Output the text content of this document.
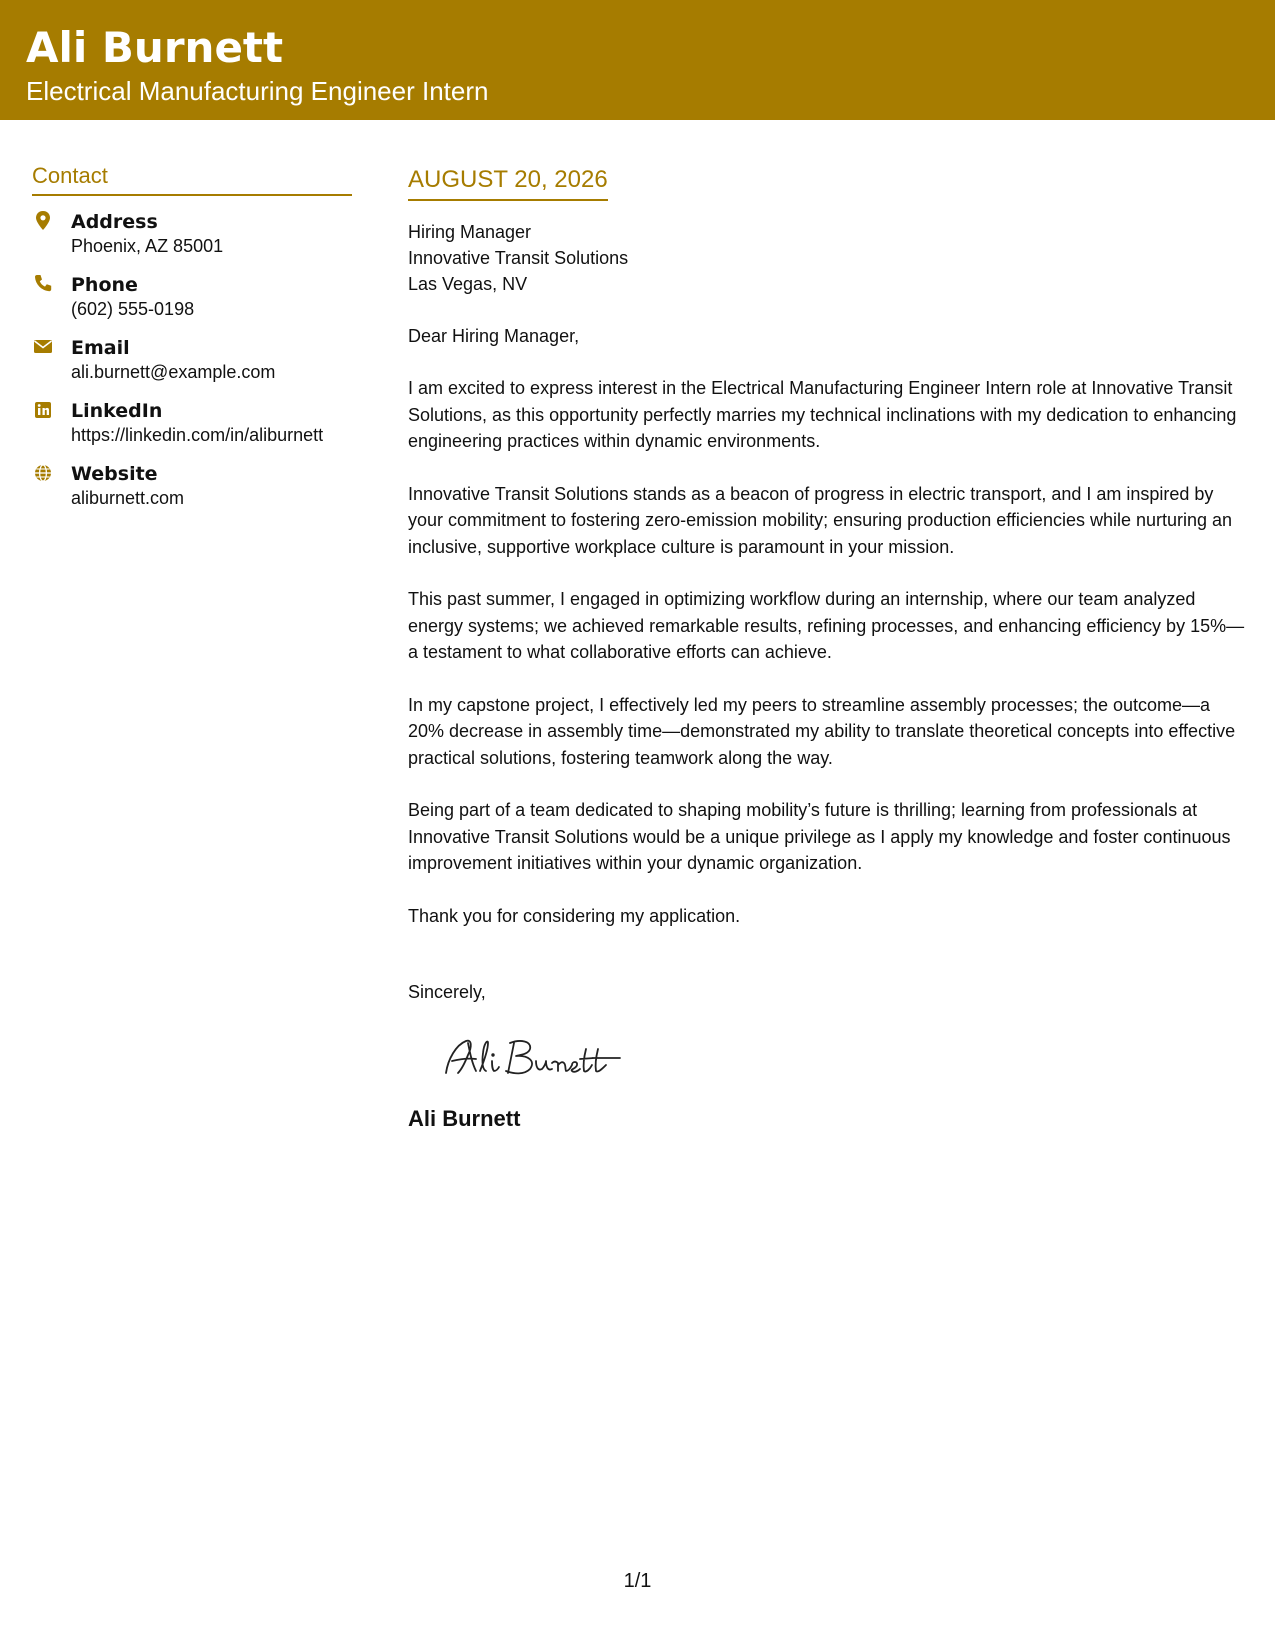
Ali Burnett
Electrical Manufacturing Engineer Intern
Contact
Address
Phoenix, AZ 85001
Phone
(602) 555-0198
Email
ali.burnett@example.com
LinkedIn
https://linkedin.com/in/aliburnett
Website
aliburnett.com
AUGUST 20, 2026
Hiring Manager
Innovative Transit Solutions
Las Vegas, NV
Dear Hiring Manager,
I am excited to express interest in the Electrical Manufacturing Engineer Intern role at Innovative Transit Solutions, as this opportunity perfectly marries my technical inclinations with my dedication to enhancing engineering practices within dynamic environments.
Innovative Transit Solutions stands as a beacon of progress in electric transport, and I am inspired by your commitment to fostering zero-emission mobility; ensuring production efficiencies while nurturing an inclusive, supportive workplace culture is paramount in your mission.
This past summer, I engaged in optimizing workflow during an internship, where our team analyzed energy systems; we achieved remarkable results, refining processes, and enhancing efficiency by 15%—a testament to what collaborative efforts can achieve.
In my capstone project, I effectively led my peers to streamline assembly processes; the outcome—a 20% decrease in assembly time—demonstrated my ability to translate theoretical concepts into effective practical solutions, fostering teamwork along the way.
Being part of a team dedicated to shaping mobility’s future is thrilling; learning from professionals at Innovative Transit Solutions would be a unique privilege as I apply my knowledge and foster continuous improvement initiatives within your dynamic organization.
Thank you for considering my application.
Sincerely,
Ali Burnett
1/1
